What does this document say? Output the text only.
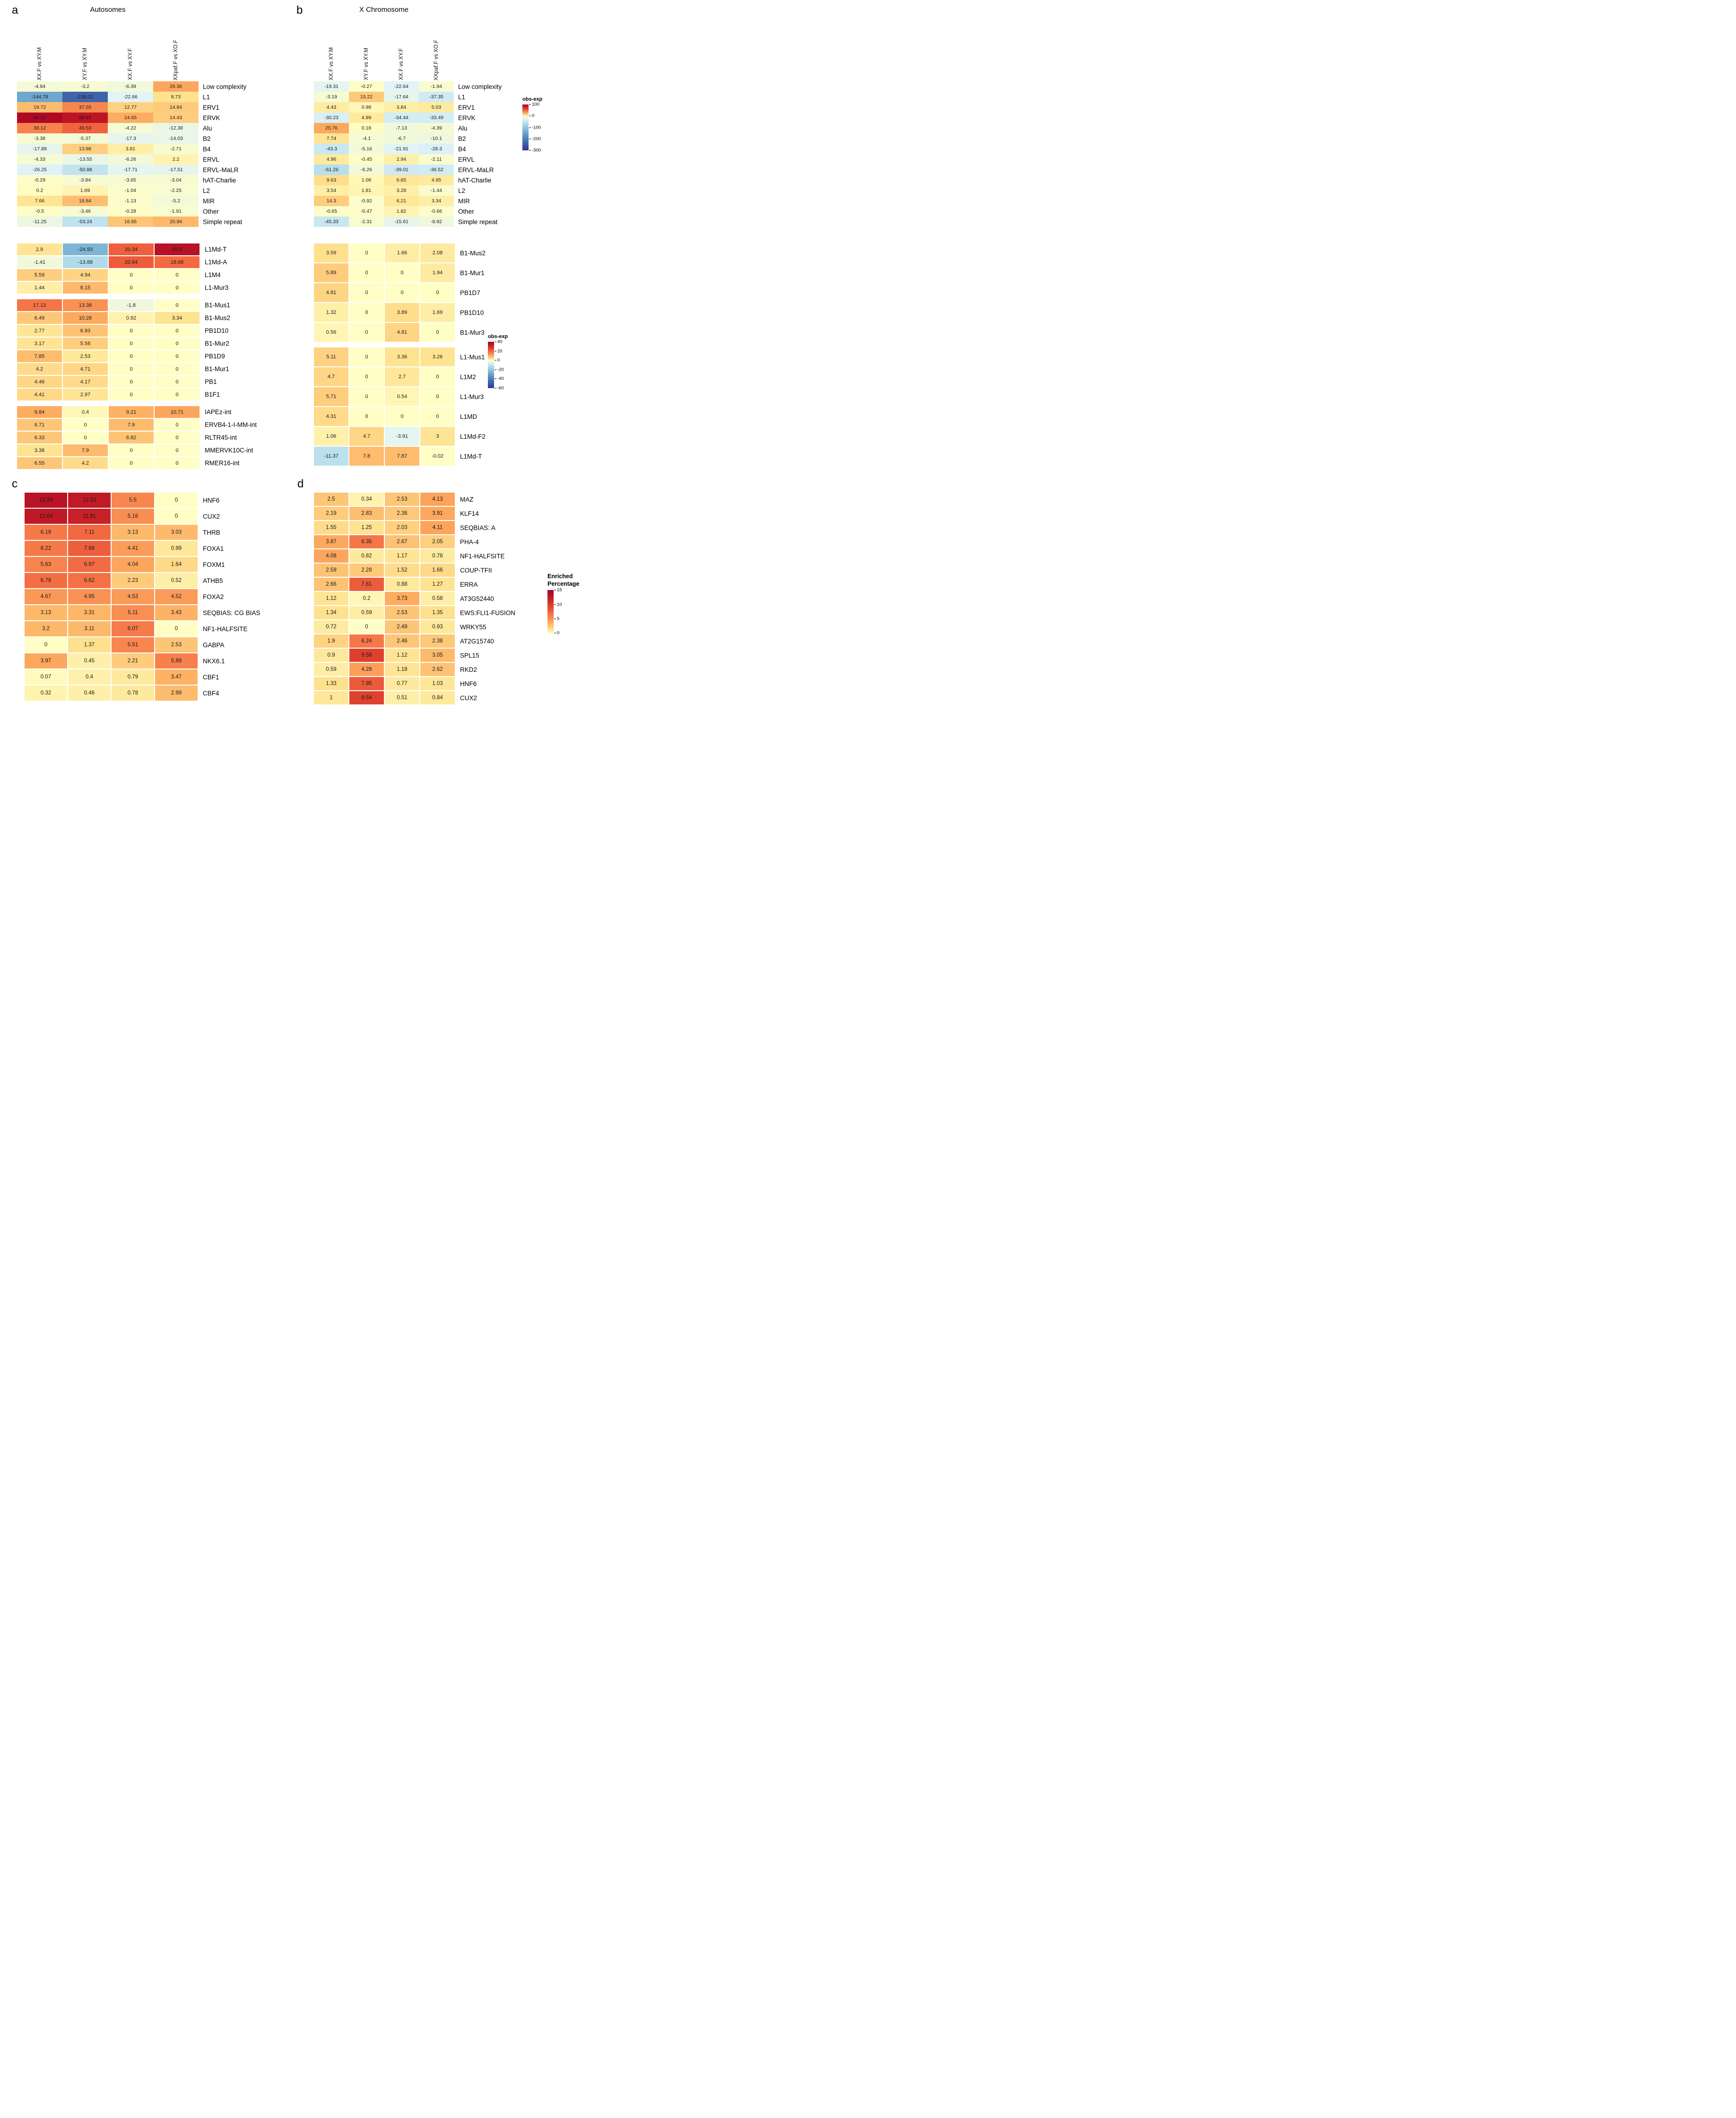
a	Autosomes
XX.F vs XY.M	XY.F vs XY.M	XX.F vs XY.F	XXpaf.F vs XO.F
-4.94	-3.2	-6.39	26.36	Low complexity
-144.78	-236.21	-22.66	8.73	L1
19.72	37.03	12.77	14.84	ERV1
94.21	86.91	24.65	14.43	ERVK
38.12	49.53	-4.22	-12.38	Alu
-3.38	-5.37	-17.3	-14.03	B2
-17.89	13.88	3.81	-2.71	B4
-4.33	-13.55	-6.26	2.2	ERVL
-26.25	-50.88	-17.71	-17.51	ERVL-MaLR
-0.29	-3.84	-3.65	-3.04	hAT-Charlie
0.2	1.69	-1.04	-2.25	L2
7.66	18.84	-1.13	-5.2	MIR
-0.5	-3.46	-0.28	-1.91	Other
-11.25	-53.24	16.85	20.94	Simple repeat
2.9	-24.93	20.34	35.5	L1Md-T
-1.41	-13.88	20.84	18.68	L1Md-A
5.59	4.94	0	0	L1M4
1.44	8.15	0	0	L1-Mur3
17.13	13.38	-1.8	0	B1-Mus1
6.49	10.28	0.92	3.34	B1-Mus2
2.77	6.93	0	0	PB1D10
3.17	5.58	0	0	B1-Mur2
7.85	2.53	0	0	PB1D9
4.2	4.71	0	0	B1-Mur1
4.46	4.17	0	0	PB1
4.41	2.97	0	0	B1F1
9.84	0.4	9.21	10.71	IAPEz-int
6.71	0	7.9	0	ERVB4-1-I-MM-int
6.33	0	6.82	0	RLTR45-int
3.38	7.9	0	0	MMERVK10C-int
6.55	4.2	0	0	RMER16-int
b	X Chromosome
XX.F vs XY.M	XY.F vs XY.M	XX.F vs XY.F	XXpaf.F vs XO.F
-19.31	-0.27	-22.64	-1.94	Low complexity
-3.19	15.22	-17.64	-37.35	L1
4.43	0.98	3.84	5.03	ERV1
-30.23	4.99	-34.44	-33.49	ERVK
25.76	0.18	-7.13	-4.39	Alu
7.74	-4.1	-6.7	-10.1	B2
-43.3	-5.16	-21.91	-28.3	B4
4.96	-0.45	2.94	-2.11	ERVL
-61.26	-6.26	-39.01	-36.52	ERVL-MaLR
9.63	1.08	6.65	4.95	hAT-Charlie
3.54	1.81	3.28	-1.44	L2
14.3	-0.92	6.21	3.34	MIR
-0.65	-0.47	1.82	-0.66	Other
-45.33	-2.31	-15.61	-8.92	Simple repeat
3.59	0	1.66	2.08	B1-Mus2
5.89	0	0	1.94	B1-Mur1
4.81	0	0	0	PB1D7
1.32	0	3.89	1.69	PB1D10
0.56	0	4.81	0	B1-Mur3
5.11	0	3.36	3.26	L1-Mus1
4.7	0	2.7	0	L1M2
5.71	0	0.54	0	L1-Mur3
4.31	0	0	0	L1MD
1.06	4.7	-3.91	3	L1Md-F2
-11.37	7.8	7.87	-0.02	L1Md-T
c
13.24	12.53	5.5	0	HNF6
12.64	11.91	5.16	0	CUX2
6.19	7.11	3.13	3.03	THRB
6.22	7.68	4.41	0.99	FOXA1
5.63	6.97	4.04	1.64	FOXM1
6.79	6.62	2.23	0.52	ATHB5
4.67	4.95	4.53	4.52	FOXA2
3.13	3.31	5.11	3.43	SEQBIAS: CG BIAS
3.2	3.11	6.07	0	NF1-HALFSITE
0	1.37	5.51	2.53	GABPA
3.97	0.45	2.21	5.89	NKX6.1
0.07	0.4	0.79	3.47	CBF1
0.32	0.46	0.78	2.99	CBF4
d
2.5	0.34	2.53	4.13	MAZ
2.19	2.83	2.36	3.91	KLF14
1.55	1.25	2.03	4.11	SEQBIAS: A
3.87	6.35	2.67	2.05	PHA-4
4.08	0.82	1.17	0.78	NF1-HALFSITE
2.59	2.28	1.52	1.66	COUP-TFII
2.66	7.81	0.88	1.27	ERRA
1.12	0.2	3.73	0.58	AT3G52440
1.34	0.59	2.53	1.35	EWS:FLI1-FUSION
0.72	0	2.49	0.93	WRKY55
1.9	6.24	2.46	2.38	AT2G15740
0.9	9.58	1.12	3.05	SPL15
0.59	4.28	1.18	2.62	RKD2
1.33	7.95	0.77	1.03	HNF6
1	9.54	0.51	0.84	CUX2
obs-exp
100
0
-100
-200
-300
obs-exp
40
20
0
-20
-40
-60
Enriched Percentage
15
10
5
0
